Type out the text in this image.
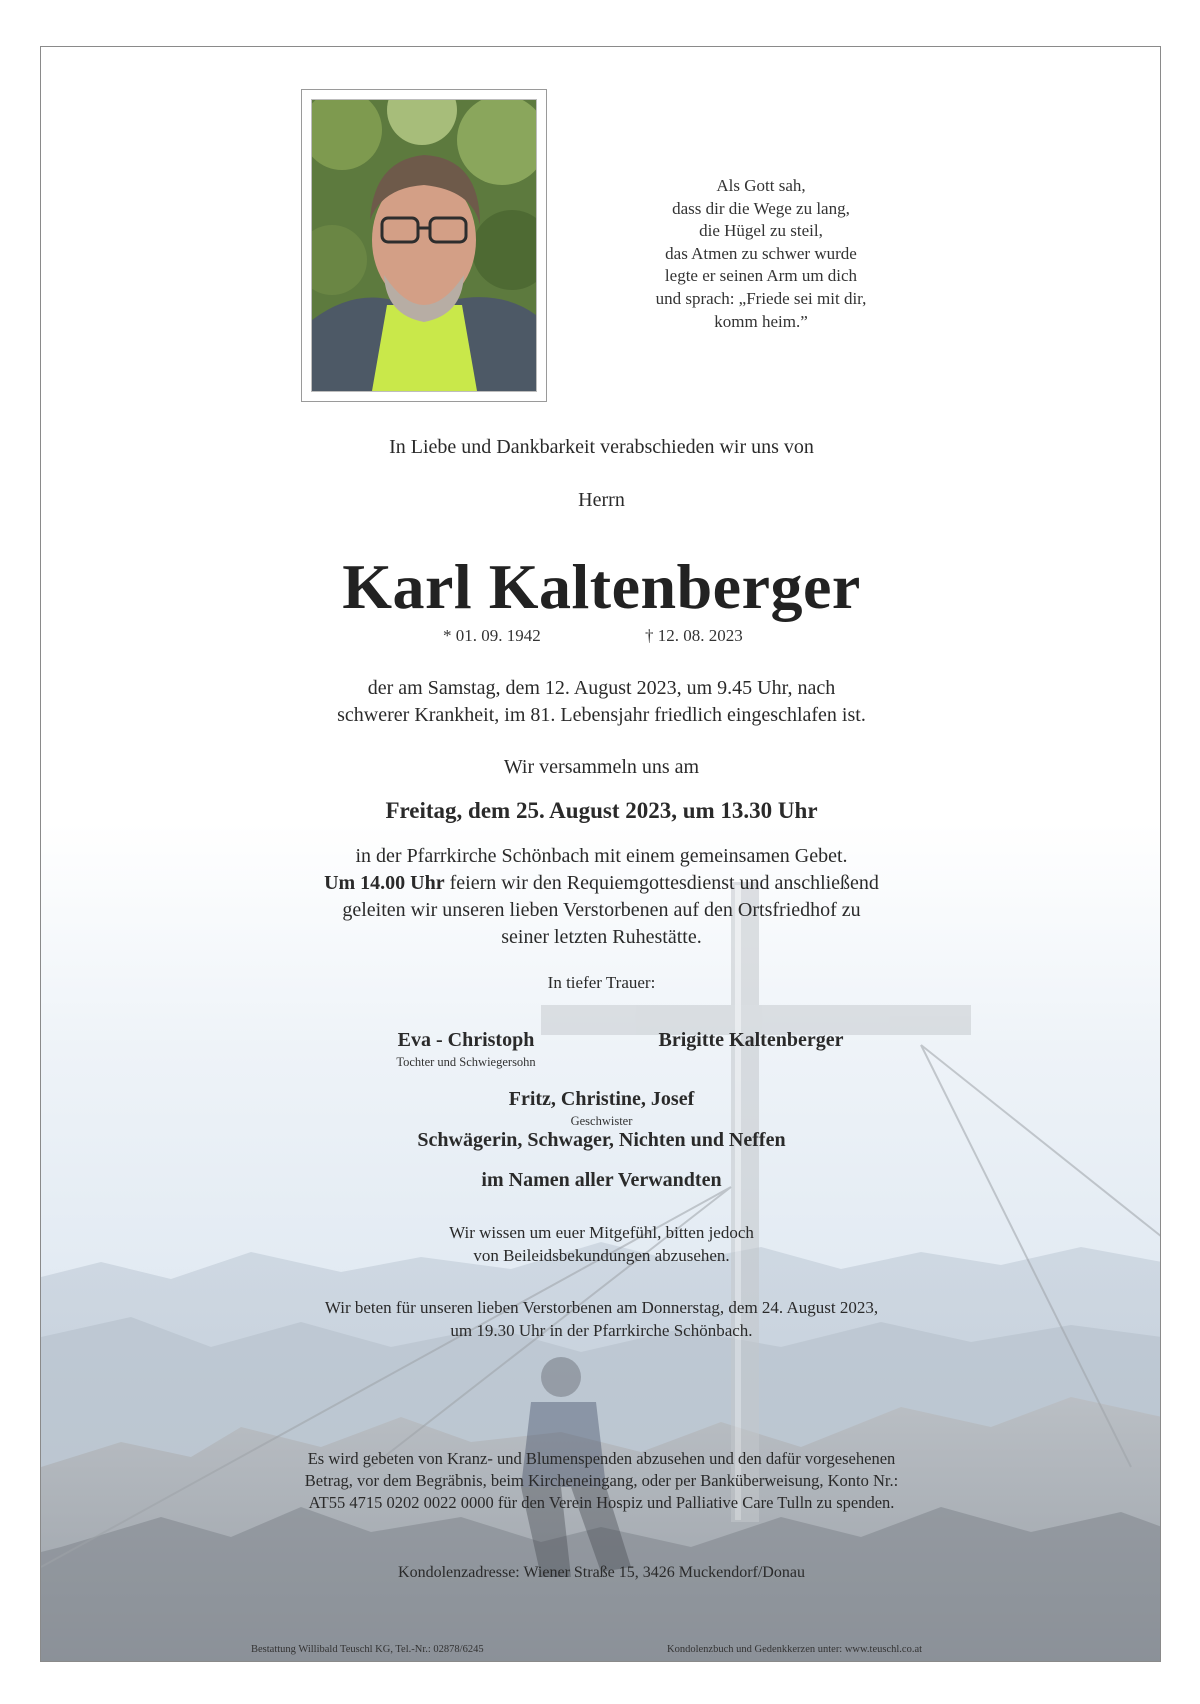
Als Gott sah,
dass dir die Wege zu lang,
die Hügel zu steil,
das Atmen zu schwer wurde
legte er seinen Arm um dich
und sprach: „Friede sei mit dir,
komm heim.”
In Liebe und Dankbarkeit verabschieden wir uns von
Herrn
Karl Kaltenberger
* 01. 09. 1942	† 12. 08. 2023
der am Samstag, dem 12. August 2023, um 9.45 Uhr, nach
schwerer Krankheit, im 81. Lebensjahr friedlich eingeschlafen ist.
Wir versammeln uns am
Freitag, dem 25. August 2023, um 13.30 Uhr
in der Pfarrkirche Schönbach mit einem gemeinsamen Gebet.
Um 14.00 Uhr feiern wir den Requiemgottesdienst und anschließend
geleiten wir unseren lieben Verstorbenen auf den Ortsfriedhof zu
seiner letzten Ruhestätte.
In tiefer Trauer:
Eva - Christoph
Tochter und Schwiegersohn
Brigitte Kaltenberger
Fritz, Christine, Josef
Geschwister
Schwägerin, Schwager, Nichten und Neffen
im Namen aller Verwandten
Wir wissen um euer Mitgefühl, bitten jedoch
von Beileidsbekundungen abzusehen.
Wir beten für unseren lieben Verstorbenen am Donnerstag, dem 24. August 2023,
um 19.30 Uhr in der Pfarrkirche Schönbach.
Es wird gebeten von Kranz- und Blumenspenden abzusehen und den dafür vorgesehenen
Betrag, vor dem Begräbnis, beim Kircheneingang, oder per Banküberweisung, Konto Nr.:
AT55 4715 0202 0022 0000 für den Verein Hospiz und Palliative Care Tulln zu spenden.
Kondolenzadresse: Wiener Straße 15, 3426 Muckendorf/Donau
Bestattung Willibald Teuschl KG, Tel.-Nr.: 02878/6245	Kondolenzbuch und Gedenkkerzen unter: www.teuschl.co.at
